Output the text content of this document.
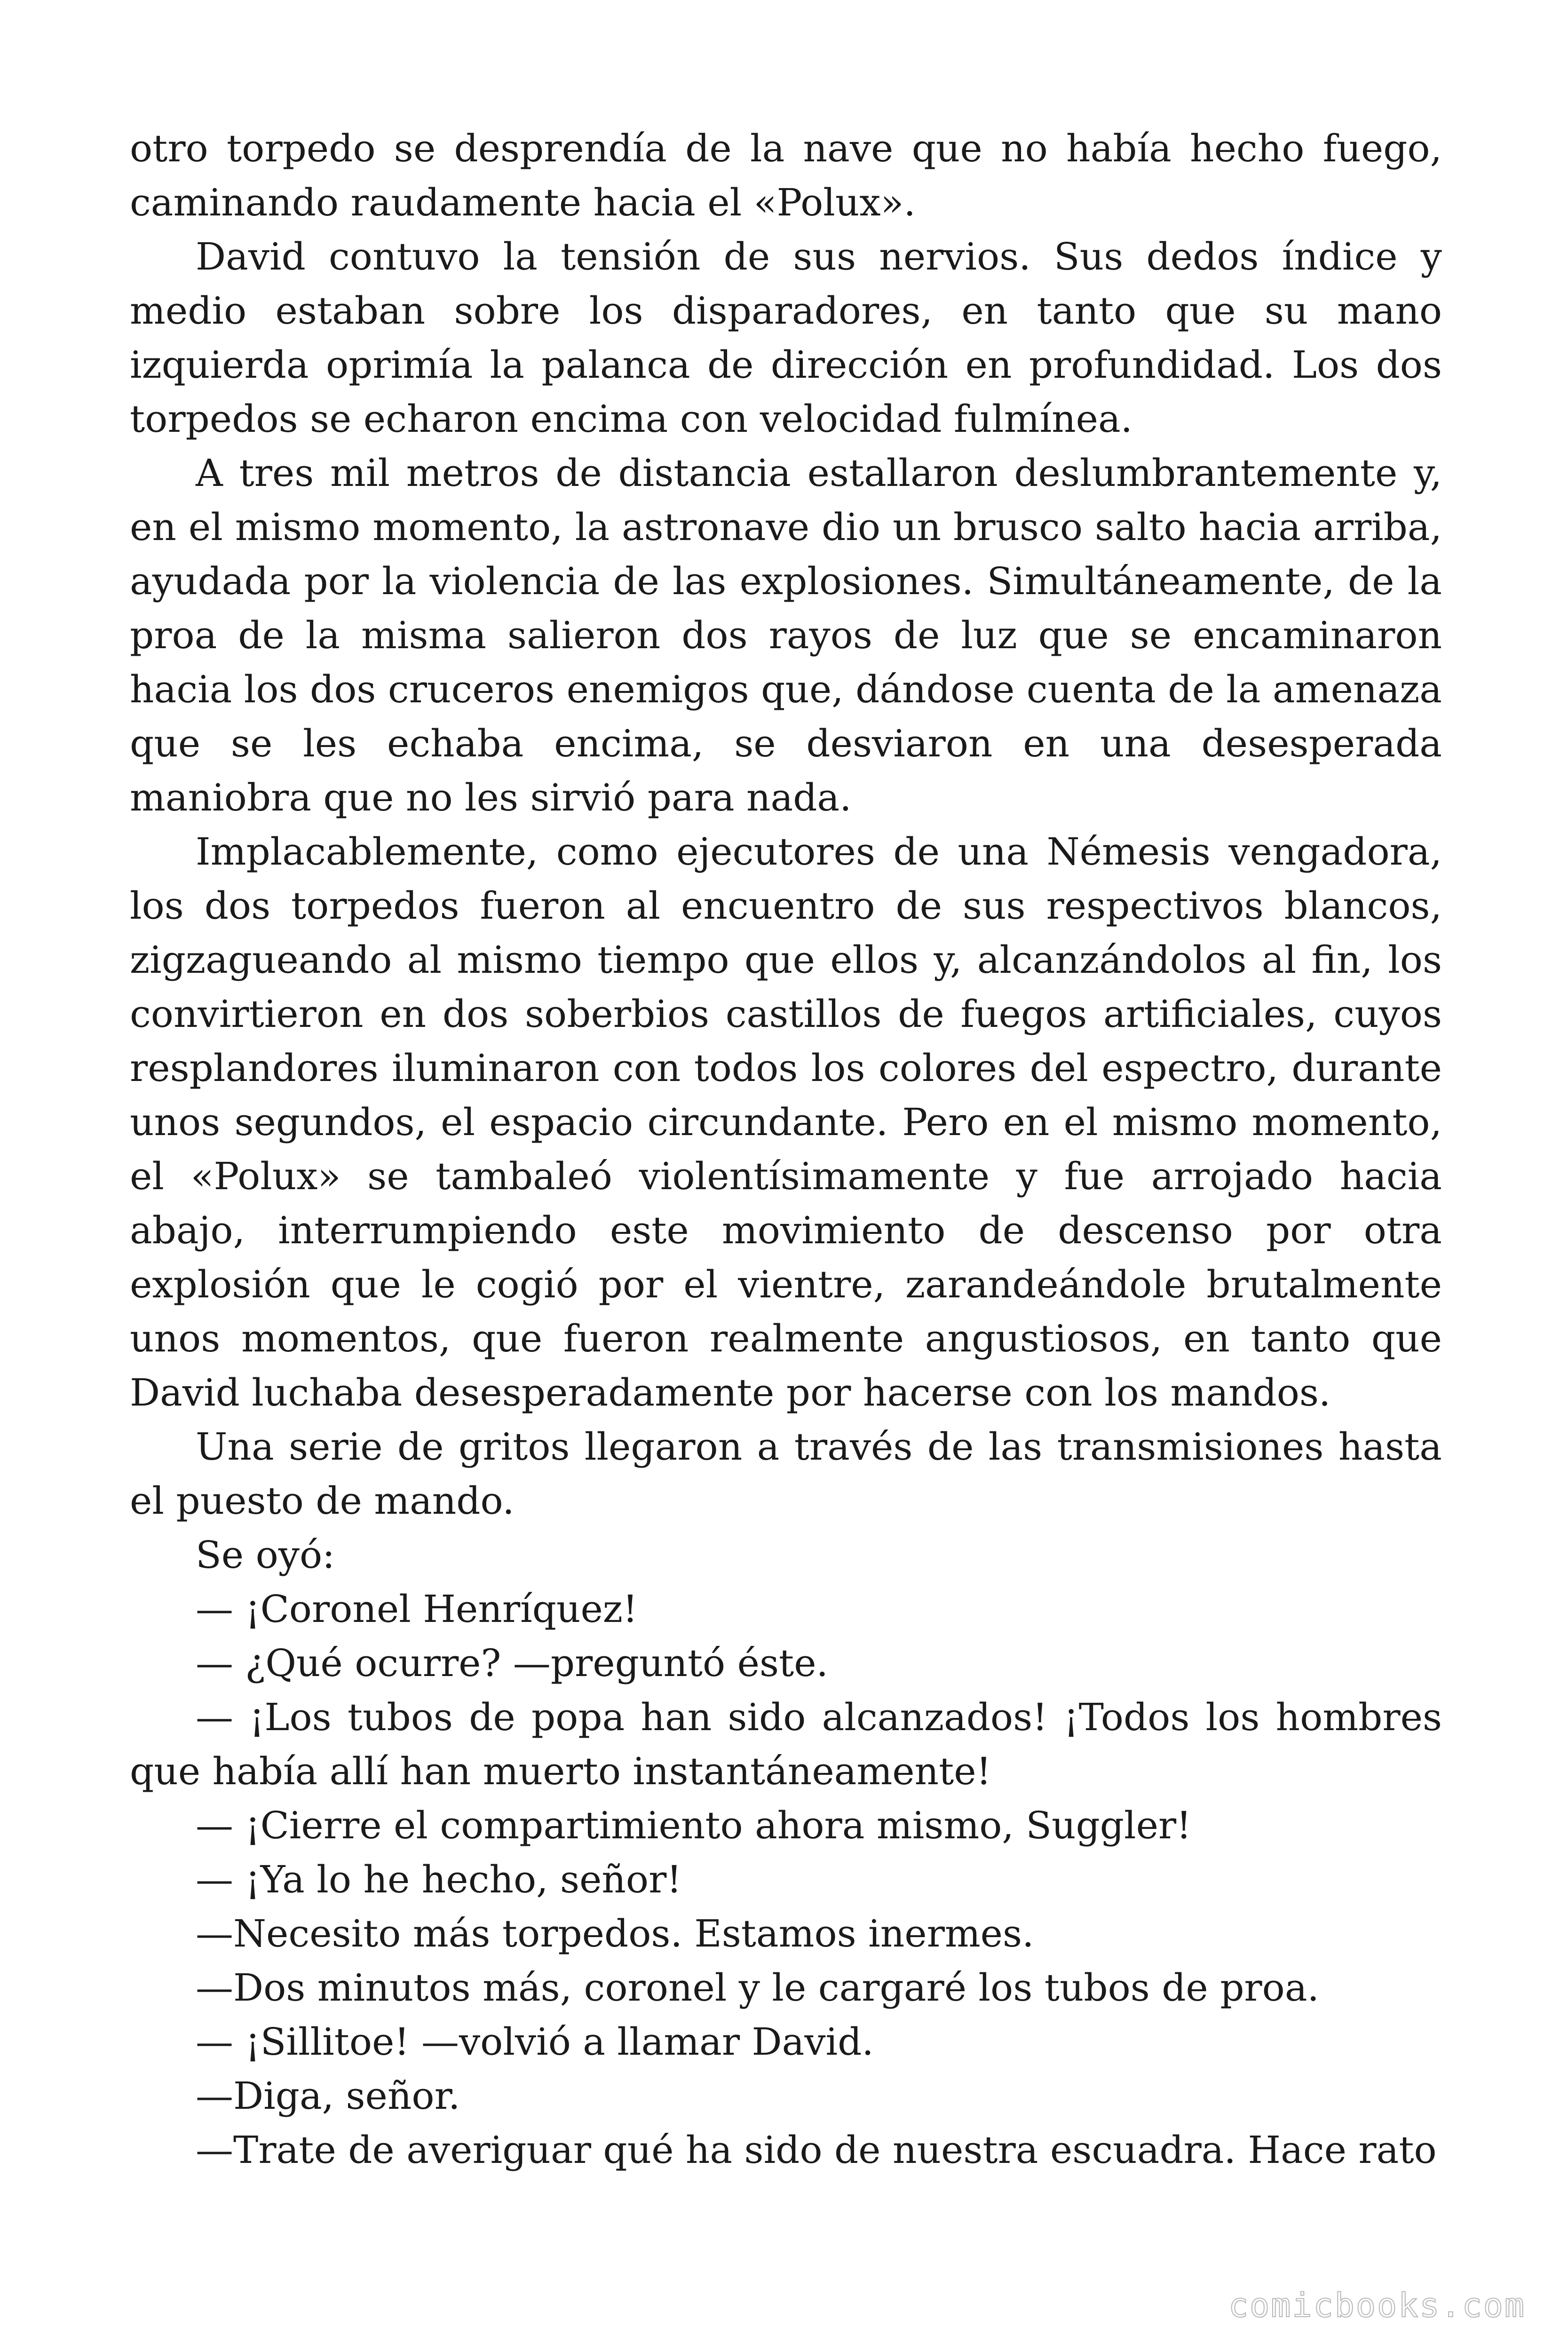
otro torpedo se desprendía de la nave que no había hecho fuego, caminando raudamente hacia el «Polux».

David contuvo la tensión de sus nervios. Sus dedos índice y medio estaban sobre los disparadores, en tanto que su mano izquierda oprimía la palanca de dirección en profundidad. Los dos torpedos se echaron encima con velocidad fulmínea.

A tres mil metros de distancia estallaron deslumbrantemente y, en el mismo momento, la astronave dio un brusco salto hacia arriba, ayudada por la violencia de las explosiones. Simultáneamente, de la proa de la misma salieron dos rayos de luz que se encaminaron hacia los dos cruceros enemigos que, dándose cuenta de la amenaza que se les echaba encima, se desviaron en una desesperada maniobra que no les sirvió para nada.

Implacablemente, como ejecutores de una Némesis vengadora, los dos torpedos fueron al encuentro de sus respectivos blancos, zigzagueando al mismo tiempo que ellos y, alcanzándolos al fin, los convirtieron en dos soberbios castillos de fuegos artificiales, cuyos resplandores iluminaron con todos los colores del espectro, durante unos segundos, el espacio circundante. Pero en el mismo momento, el «Polux» se tambaleó violentísimamente y fue arrojado hacia abajo, interrumpiendo este movimiento de descenso por otra explosión que le cogió por el vientre, zarandeándole brutalmente unos momentos, que fueron realmente angustiosos, en tanto que David luchaba desesperadamente por hacerse con los mandos.

Una serie de gritos llegaron a través de las transmisiones hasta el puesto de mando.

Se oyó:

— ¡Coronel Henríquez!

— ¿Qué ocurre? —preguntó éste.

— ¡Los tubos de popa han sido alcanzados! ¡Todos los hombres que había allí han muerto instantáneamente!

— ¡Cierre el compartimiento ahora mismo, Suggler!

— ¡Ya lo he hecho, señor!

—Necesito más torpedos. Estamos inermes.

—Dos minutos más, coronel y le cargaré los tubos de proa.

— ¡Sillitoe! —volvió a llamar David.

—Diga, señor.

—Trate de averiguar qué ha sido de nuestra escuadra. Hace rato

comicbooks.com
